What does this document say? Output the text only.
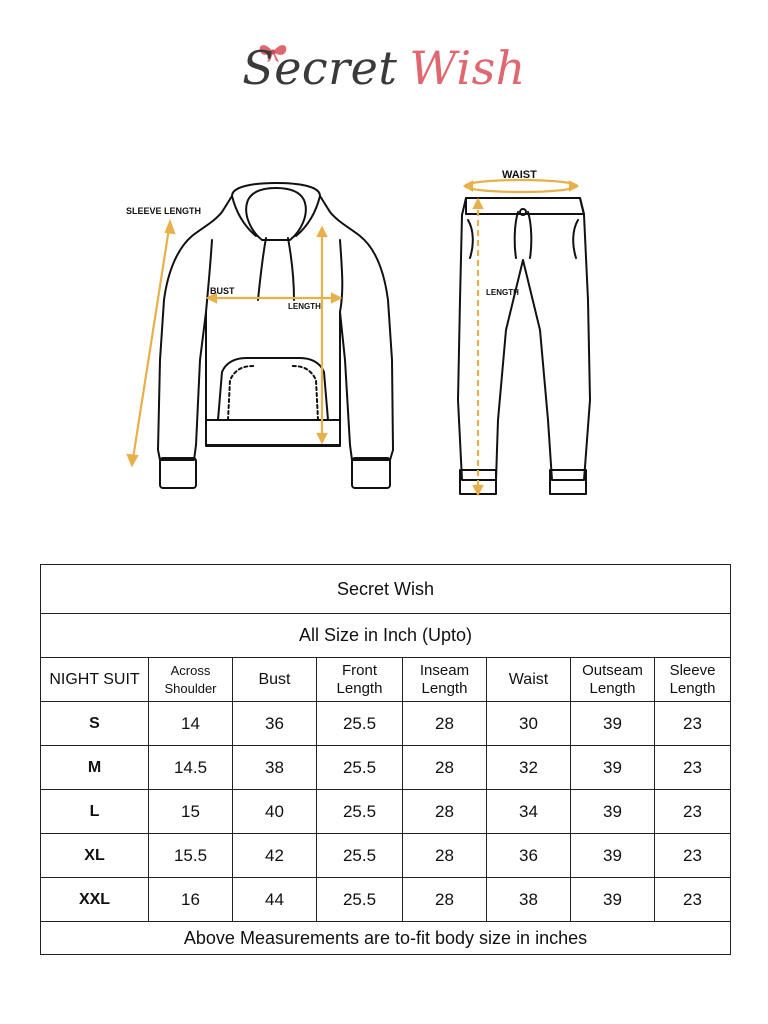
Secret Wish
SLEEVE LENGTH
BUST
LENGTH
WAIST
LENGTH
Secret Wish							
All Size in Inch (Upto)							
NIGHT SUIT	Across Shoulder	Bust	Front Length	Inseam Length	Waist	Outseam Length	Sleeve Length
S	14	36	25.5	28	30	39	23
M	14.5	38	25.5	28	32	39	23
L	15	40	25.5	28	34	39	23
XL	15.5	42	25.5	28	36	39	23
XXL	16	44	25.5	28	38	39	23
Above Measurements are to-fit body size in inches							
